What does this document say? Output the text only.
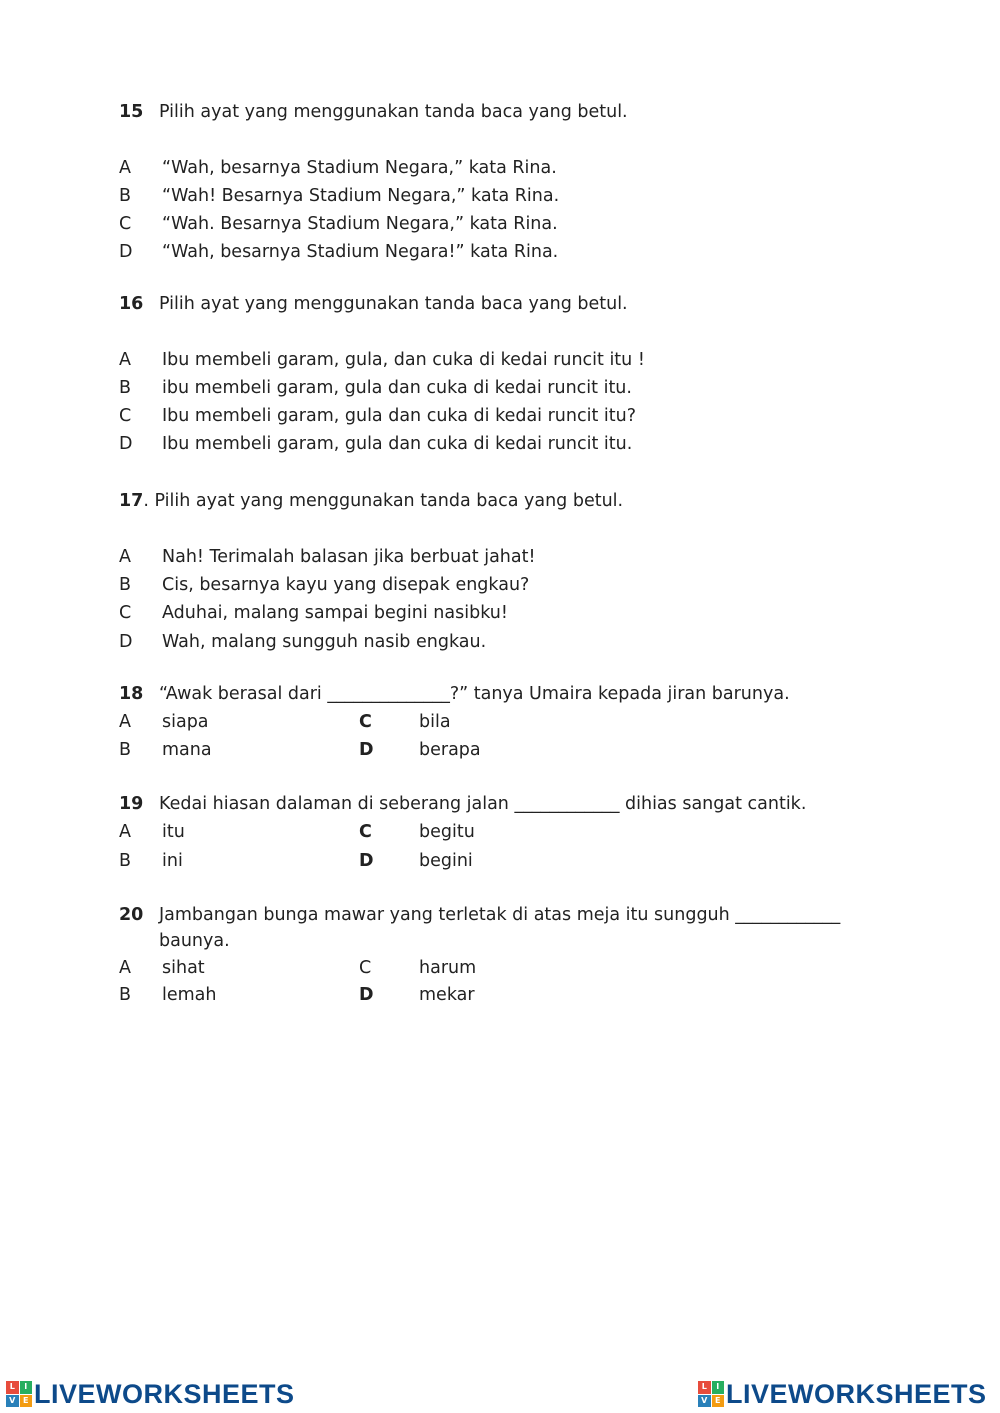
15 Pilih ayat yang menggunakan tanda baca yang betul.
A “Wah, besarnya Stadium Negara,” kata Rina.
B “Wah! Besarnya Stadium Negara,” kata Rina.
C “Wah. Besarnya Stadium Negara,” kata Rina.
D “Wah, besarnya Stadium Negara!” kata Rina.
16 Pilih ayat yang menggunakan tanda baca yang betul.
A Ibu membeli garam, gula, dan cuka di kedai runcit itu !
B ibu membeli garam, gula dan cuka di kedai runcit itu.
C Ibu membeli garam, gula dan cuka di kedai runcit itu?
D Ibu membeli garam, gula dan cuka di kedai runcit itu.
17. Pilih ayat yang menggunakan tanda baca yang betul.
A Nah! Terimalah balasan jika berbuat jahat!
B Cis, besarnya kayu yang disepak engkau?
C Aduhai, malang sampai begini nasibku!
D Wah, malang sungguh nasib engkau.
18 “Awak berasal dari ______________?” tanya Umaira kepada jiran barunya.
A siapa	C	bila
B mana	D	berapa
19 Kedai hiasan dalaman di seberang jalan ____________ dihias sangat cantik.
A itu	C	begitu
B ini	D	begini
20 Jambangan bunga mawar yang terletak di atas meja itu sungguh ____________ baunya.
A sihat	C	harum
B lemah	D	mekar
L	I
V E LIVEWORKSHEETS	L	I
V E LIVEWORKSHEETS
